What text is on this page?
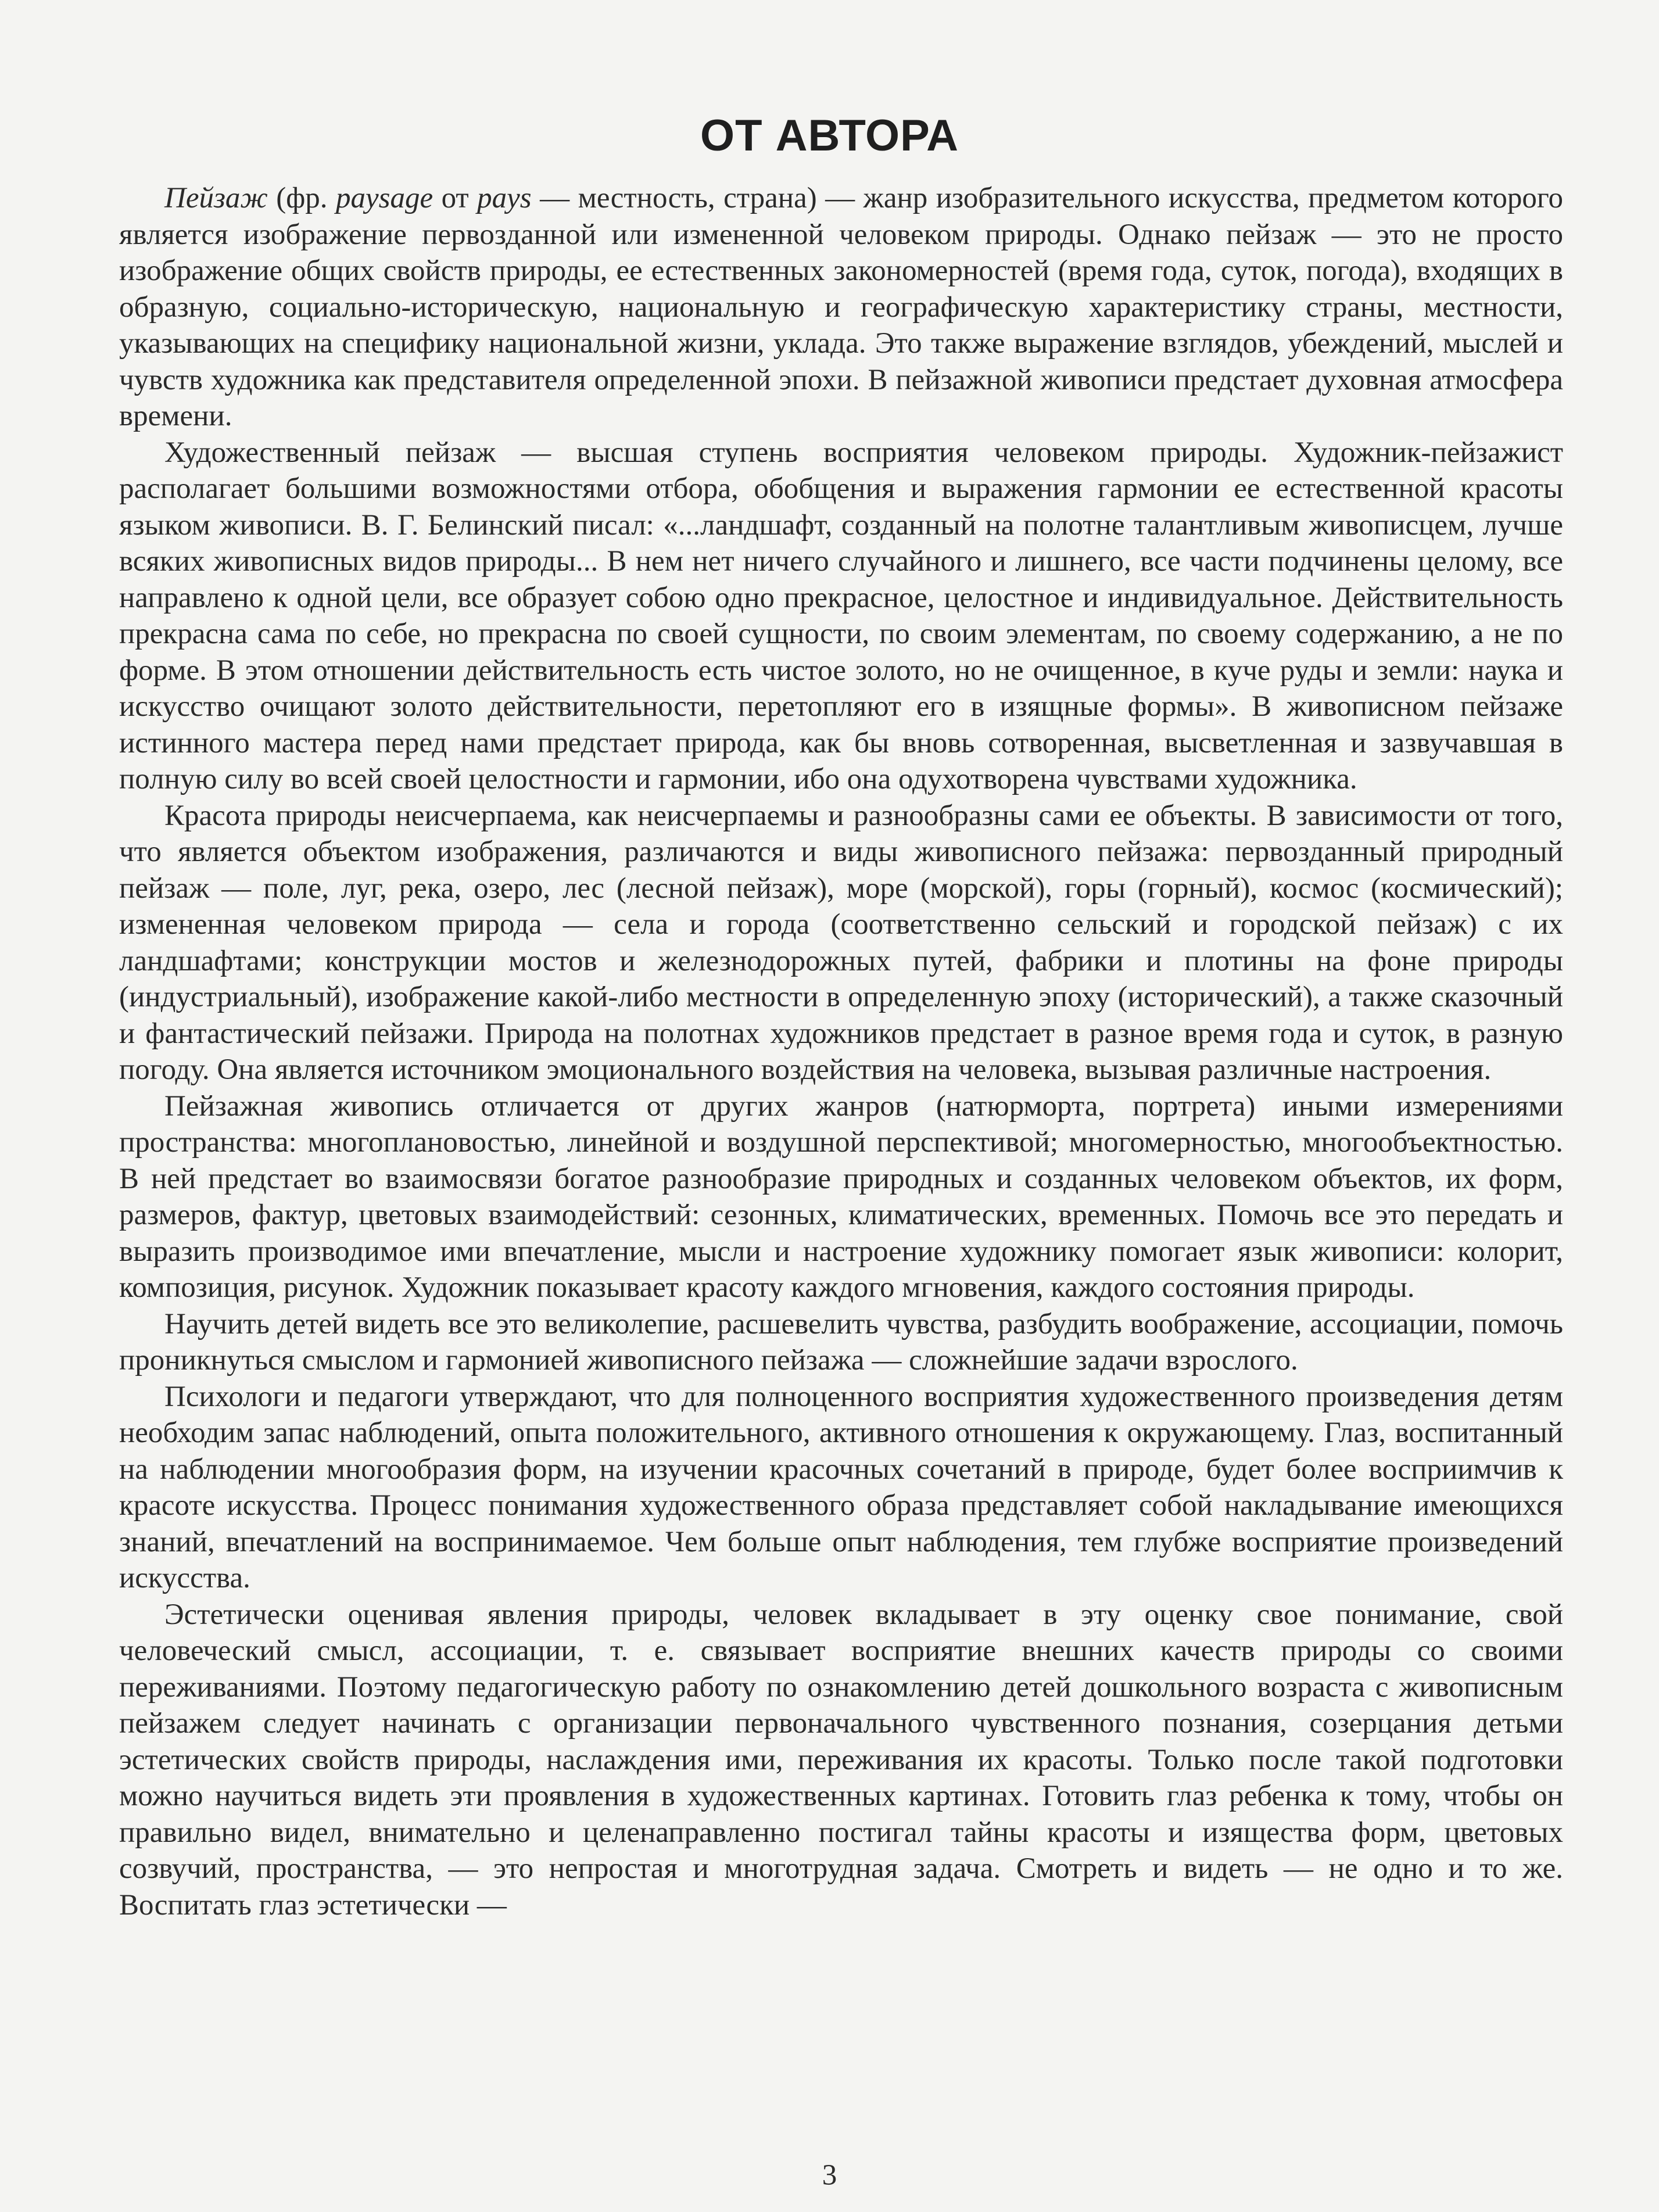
ОТ АВТОРА

Пейзаж (фр. paysage от pays — местность, страна) — жанр изобразительного искусства, предметом которого является изображение первозданной или измененной человеком природы. Однако пейзаж — это не просто изображение общих свойств природы, ее естественных закономерностей (время года, суток, погода), входящих в образную, социально-историческую, национальную и географическую характеристику страны, местности, указывающих на специфику национальной жизни, уклада. Это также выражение взглядов, убеждений, мыслей и чувств художника как представителя определенной эпохи. В пейзажной живописи предстает духовная атмосфера времени.

Художественный пейзаж — высшая ступень восприятия человеком природы. Художник-пейзажист располагает большими возможностями отбора, обобщения и выражения гармонии ее естественной красоты языком живописи. В. Г. Белинский писал: «...ландшафт, созданный на полотне талантливым живописцем, лучше всяких живописных видов природы... В нем нет ничего случайного и лишнего, все части подчинены целому, все направлено к одной цели, все образует собою одно прекрасное, целостное и индивидуальное. Действительность прекрасна сама по себе, но прекрасна по своей сущности, по своим элементам, по своему содержанию, а не по форме. В этом отношении действительность есть чистое золото, но не очищенное, в куче руды и земли: наука и искусство очищают золото действительности, перетопляют его в изящные формы». В живописном пейзаже истинного мастера перед нами предстает природа, как бы вновь сотворенная, высветленная и зазвучавшая в полную силу во всей своей целостности и гармонии, ибо она одухотворена чувствами художника.

Красота природы неисчерпаема, как неисчерпаемы и разнообразны сами ее объекты. В зависимости от того, что является объектом изображения, различаются и виды живописного пейзажа: первозданный природный пейзаж — поле, луг, река, озеро, лес (лесной пейзаж), море (морской), горы (горный), космос (космический); измененная человеком природа — села и города (соответственно сельский и городской пейзаж) с их ландшафтами; конструкции мостов и железнодорожных путей, фабрики и плотины на фоне природы (индустриальный), изображение какой-либо местности в определенную эпоху (исторический), а также сказочный и фантастический пейзажи. Природа на полотнах художников предстает в разное время года и суток, в разную погоду. Она является источником эмоционального воздействия на человека, вызывая различные настроения.

Пейзажная живопись отличается от других жанров (натюрморта, портрета) иными измерениями пространства: многоплановостью, линейной и воздушной перспективой; многомерностью, многообъектностью. В ней предстает во взаимосвязи богатое разнообразие природных и созданных человеком объектов, их форм, размеров, фактур, цветовых взаимодействий: сезонных, климатических, временных. Помочь все это передать и выразить производимое ими впечатление, мысли и настроение художнику помогает язык живописи: колорит, композиция, рисунок. Художник показывает красоту каждого мгновения, каждого состояния природы.

Научить детей видеть все это великолепие, расшевелить чувства, разбудить воображение, ассоциации, помочь проникнуться смыслом и гармонией живописного пейзажа — сложнейшие задачи взрослого.

Психологи и педагоги утверждают, что для полноценного восприятия художественного произведения детям необходим запас наблюдений, опыта положительного, активного отношения к окружающему. Глаз, воспитанный на наблюдении многообразия форм, на изучении красочных сочетаний в природе, будет более восприимчив к красоте искусства. Процесс понимания художественного образа представляет собой накладывание имеющихся знаний, впечатлений на воспринимаемое. Чем больше опыт наблюдения, тем глубже восприятие произведений искусства.

Эстетически оценивая явления природы, человек вкладывает в эту оценку свое понимание, свой человеческий смысл, ассоциации, т. е. связывает восприятие внешних качеств природы со своими переживаниями. Поэтому педагогическую работу по ознакомлению детей дошкольного возраста с живописным пейзажем следует начинать с организации первоначального чувственного познания, созерцания детьми эстетических свойств природы, наслаждения ими, переживания их красоты. Только после такой подготовки можно научиться видеть эти проявления в художественных картинах. Готовить глаз ребенка к тому, чтобы он правильно видел, внимательно и целенаправленно постигал тайны красоты и изящества форм, цветовых созвучий, пространства, — это непростая и многотрудная задача. Смотреть и видеть — не одно и то же. Воспитать глаз эстетически —

3
